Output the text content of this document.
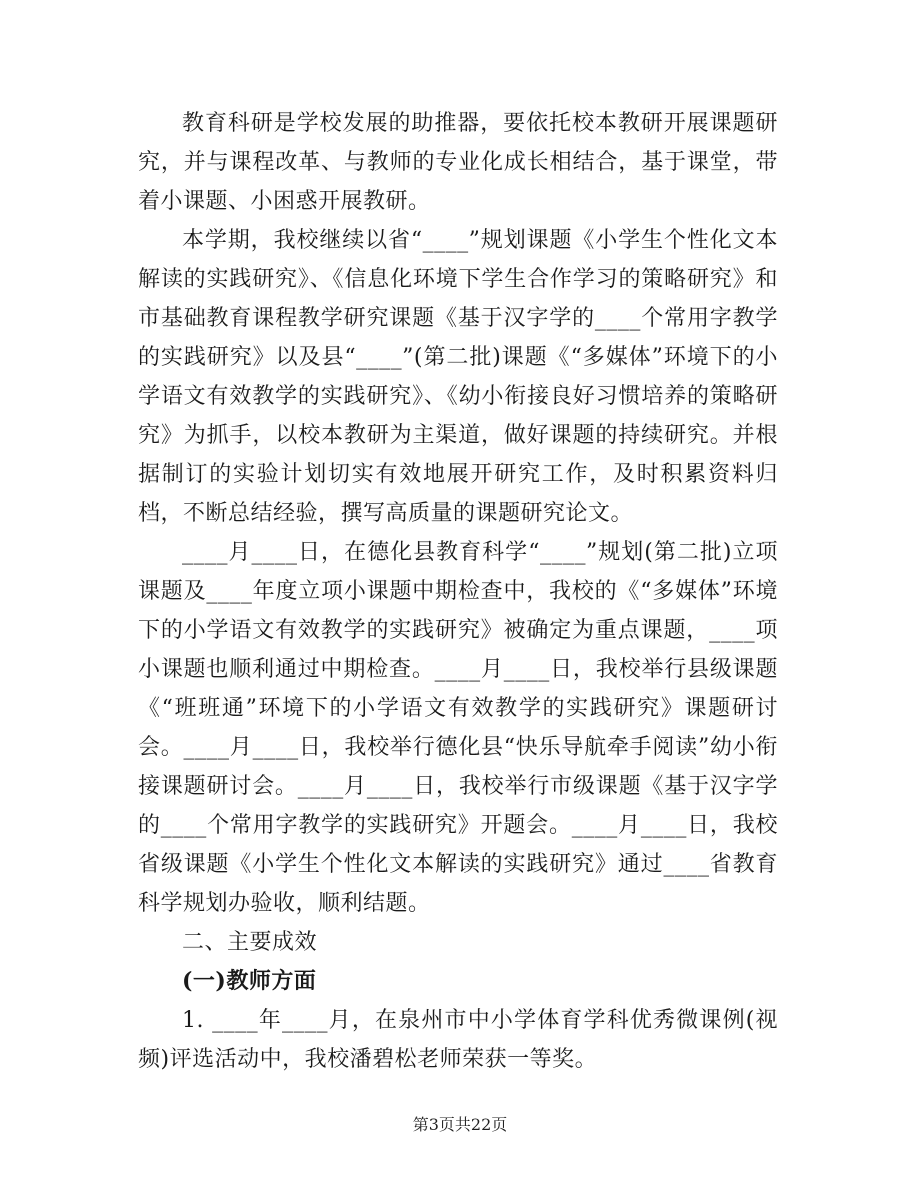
教育科研是学校发展的助推器，要依托校本教研开展课题研究，并与课程改革、与教师的专业化成长相结合，基于课堂，带着小课题、小困惑开展教研。

本学期，我校继续以省“____”规划课题《小学生个性化文本解读的实践研究》、《信息化环境下学生合作学习的策略研究》和市基础教育课程教学研究课题《基于汉字学的____个常用字教学的实践研究》以及县“____”(第二批)课题《“多媒体”环境下的小学语文有效教学的实践研究》、《幼小衔接良好习惯培养的策略研究》为抓手，以校本教研为主渠道，做好课题的持续研究。并根据制订的实验计划切实有效地展开研究工作，及时积累资料归档，不断总结经验，撰写高质量的课题研究论文。

____月____日，在德化县教育科学“____”规划(第二批)立项课题及____年度立项小课题中期检查中，我校的《“多媒体”环境下的小学语文有效教学的实践研究》被确定为重点课题，____项小课题也顺利通过中期检查。____月____日，我校举行县级课题《“班班通”环境下的小学语文有效教学的实践研究》课题研讨会。____月____日，我校举行德化县“快乐导航牵手阅读”幼小衔接课题研讨会。____月____日，我校举行市级课题《基于汉字学的____个常用字教学的实践研究》开题会。____月____日，我校省级课题《小学生个性化文本解读的实践研究》通过____省教育科学规划办验收，顺利结题。

二、主要成效

(一)教师方面

1. ____年____月，在泉州市中小学体育学科优秀微课例(视频)评选活动中，我校潘碧松老师荣获一等奖。

第3页共22页
